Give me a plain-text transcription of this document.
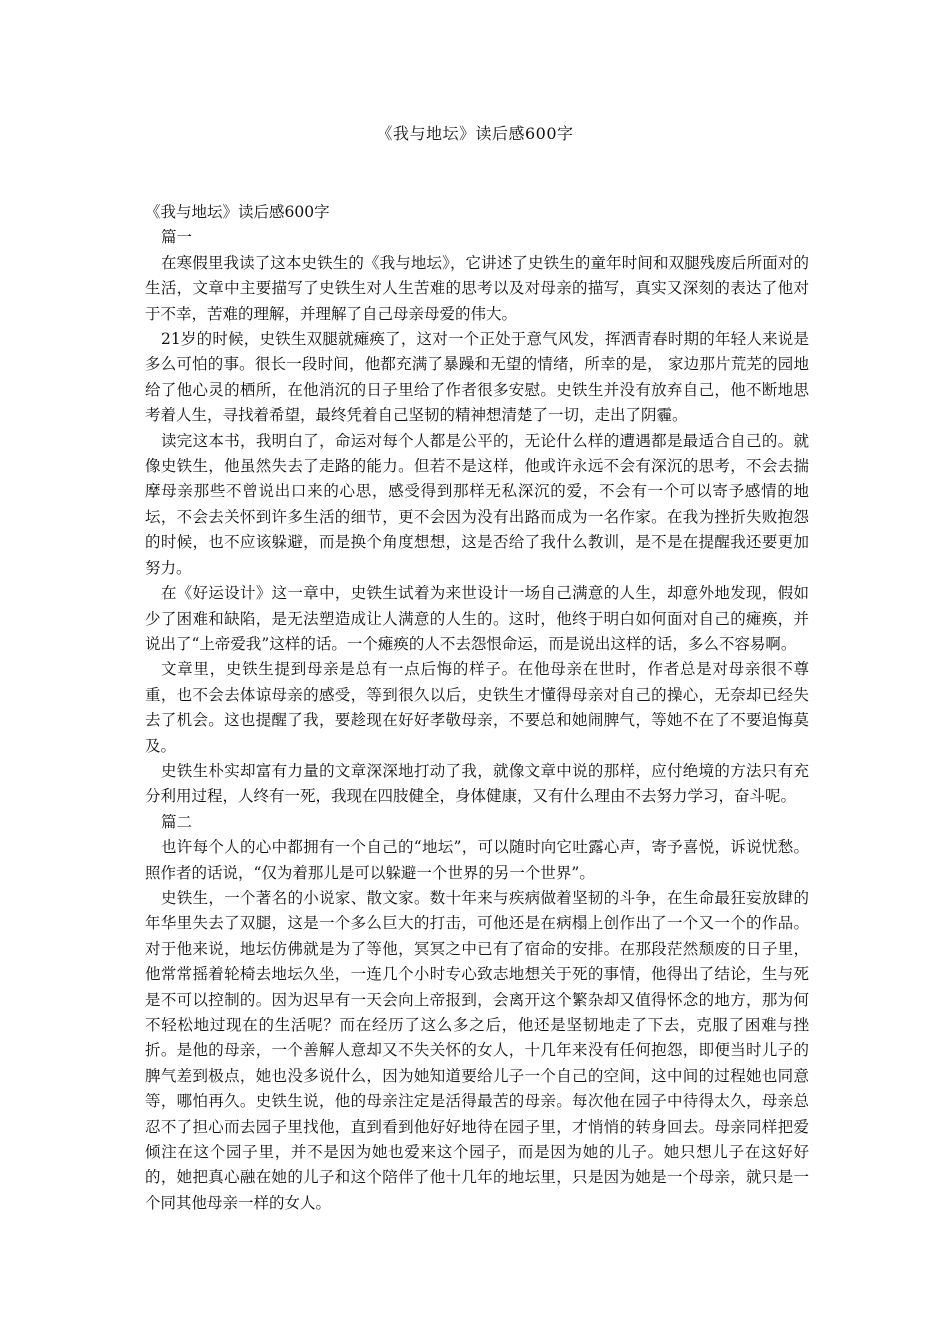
《我与地坛》读后感600字

《我与地坛》读后感600字

篇一

在寒假里我读了这本史铁生的《我与地坛》，它讲述了史铁生的童年时间和双腿残废后所面对的生活，文章中主要描写了史铁生对人生苦难的思考以及对母亲的描写，真实又深刻的表达了他对于不幸，苦难的理解，并理解了自己母亲母爱的伟大。

21岁的时候，史铁生双腿就瘫痪了，这对一个正处于意气风发，挥洒青春时期的年轻人来说是多么可怕的事。很长一段时间，他都充满了暴躁和无望的情绪，所幸的是， 家边那片荒芜的园地给了他心灵的栖所，在他消沉的日子里给了作者很多安慰。史铁生并没有放弃自己，他不断地思考着人生，寻找着希望，最终凭着自己坚韧的精神想清楚了一切，走出了阴霾。

读完这本书，我明白了，命运对每个人都是公平的，无论什么样的遭遇都是最适合自己的。就像史铁生，他虽然失去了走路的能力。但若不是这样，他或许永远不会有深沉的思考，不会去揣摩母亲那些不曾说出口来的心思，感受得到那样无私深沉的爱，不会有一个可以寄予感情的地坛，不会去关怀到许多生活的细节，更不会因为没有出路而成为一名作家。在我为挫折失败抱怨的时候，也不应该躲避，而是换个角度想想，这是否给了我什么教训，是不是在提醒我还要更加努力。

在《好运设计》这一章中，史铁生试着为来世设计一场自己满意的人生，却意外地发现，假如少了困难和缺陷，是无法塑造成让人满意的人生的。这时，他终于明白如何面对自己的瘫痪，并说出了“上帝爱我”这样的话。一个瘫痪的人不去怨恨命运，而是说出这样的话，多么不容易啊。

文章里，史铁生提到母亲是总有一点后悔的样子。在他母亲在世时，作者总是对母亲很不尊重，也不会去体谅母亲的感受，等到很久以后，史铁生才懂得母亲对自己的操心，无奈却已经失去了机会。这也提醒了我，要趁现在好好孝敬母亲，不要总和她闹脾气，等她不在了不要追悔莫及。

史铁生朴实却富有力量的文章深深地打动了我，就像文章中说的那样，应付绝境的方法只有充分利用过程，人终有一死，我现在四肢健全，身体健康，又有什么理由不去努力学习，奋斗呢。

篇二

也许每个人的心中都拥有一个自己的“地坛”，可以随时向它吐露心声，寄予喜悦，诉说忧愁。照作者的话说，“仅为着那儿是可以躲避一个世界的另一个世界”。

史铁生，一个著名的小说家、散文家。数十年来与疾病做着坚韧的斗争，在生命最狂妄放肆的年华里失去了双腿，这是一个多么巨大的打击，可他还是在病榻上创作出了一个又一个的作品。对于他来说，地坛仿佛就是为了等他，冥冥之中已有了宿命的安排。在那段茫然颓废的日子里，他常常摇着轮椅去地坛久坐，一连几个小时专心致志地想关于死的事情，他得出了结论，生与死是不可以控制的。因为迟早有一天会向上帝报到，会离开这个繁杂却又值得怀念的地方，那为何不轻松地过现在的生活呢？而在经历了这么多之后，他还是坚韧地走了下去，克服了困难与挫折。是他的母亲，一个善解人意却又不失关怀的女人，十几年来没有任何抱怨，即便当时儿子的脾气差到极点，她也没多说什么，因为她知道要给儿子一个自己的空间，这中间的过程她也同意等，哪怕再久。史铁生说，他的母亲注定是活得最苦的母亲。每次他在园子中待得太久，母亲总忍不了担心而去园子里找他，直到看到他好好地待在园子里，才悄悄的转身回去。母亲同样把爱倾注在这个园子里，并不是因为她也爱来这个园子，而是因为她的儿子。她只想儿子在这好好的，她把真心融在她的儿子和这个陪伴了他十几年的地坛里，只是因为她是一个母亲，就只是一个同其他母亲一样的女人。
